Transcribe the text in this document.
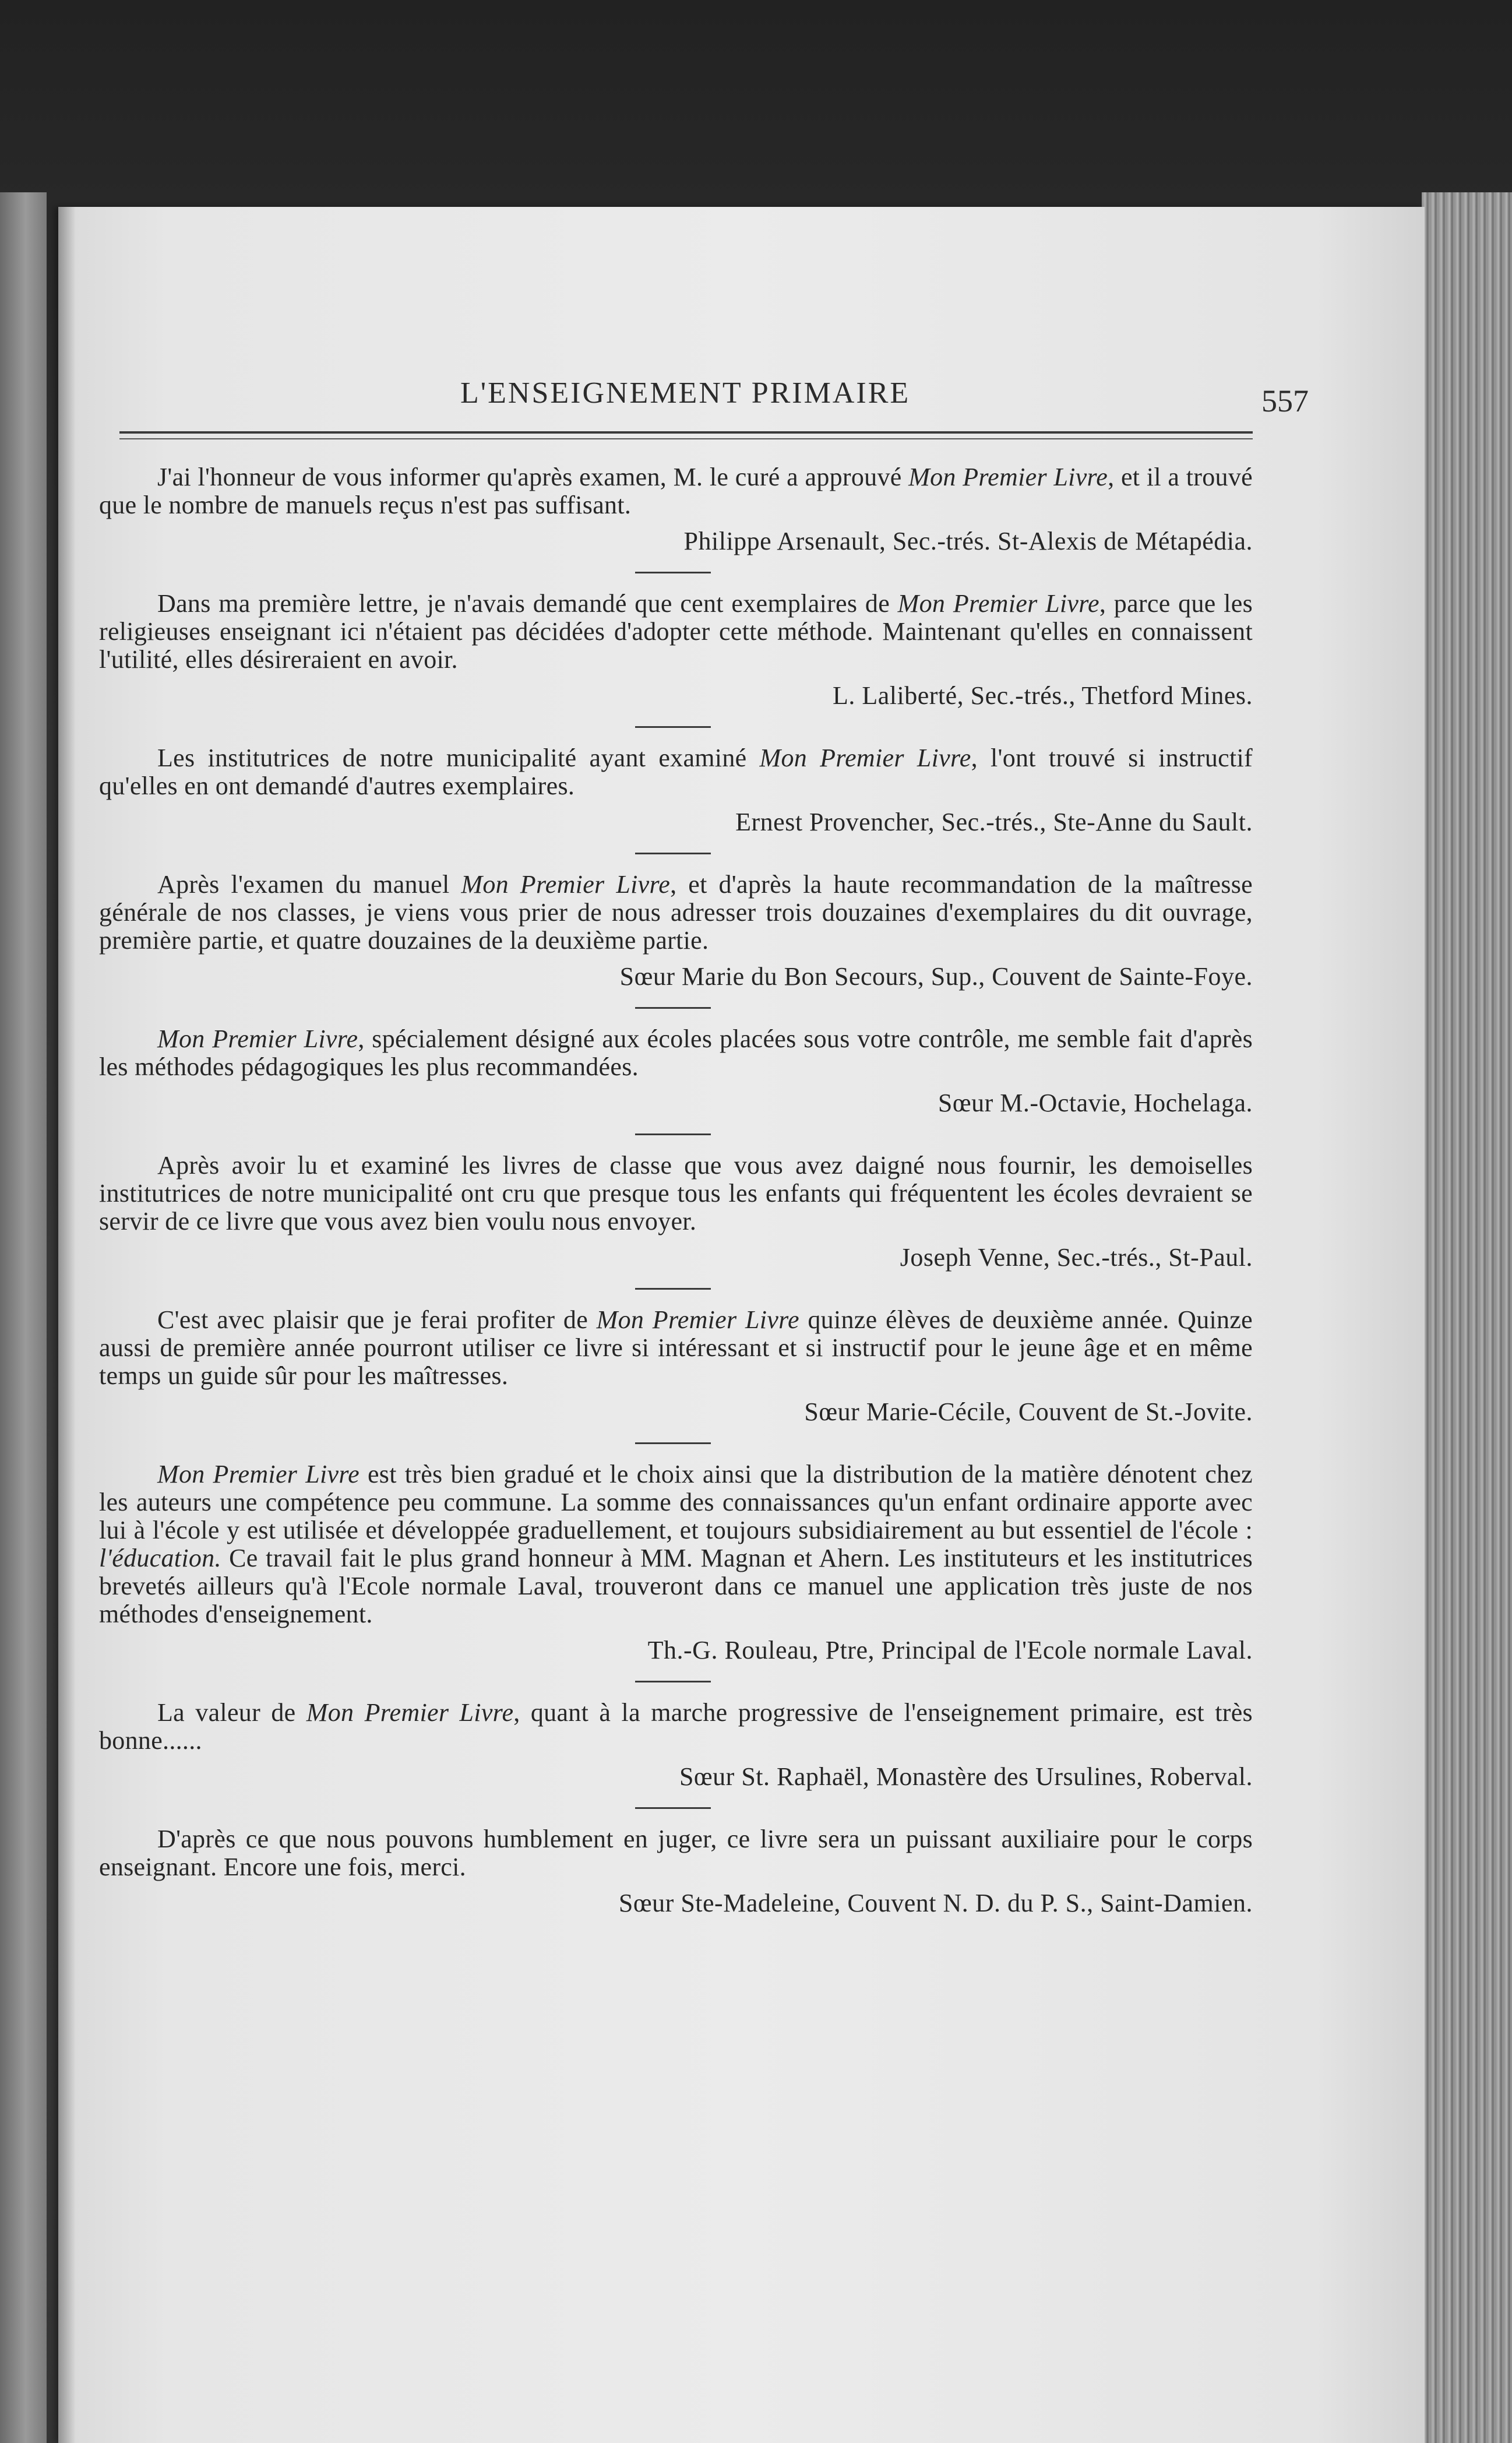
L'ENSEIGNEMENT PRIMAIRE	557

J'ai l'honneur de vous informer qu'après examen, M. le curé a approuvé Mon Premier Livre, et il a trouvé que le nombre de manuels reçus n'est pas suffisant.

Philippe Arsenault, Sec.-trés. St-Alexis de Métapédia.

Dans ma première lettre, je n'avais demandé que cent exemplaires de Mon Premier Livre, parce que les religieuses enseignant ici n'étaient pas décidées d'adopter cette méthode. Maintenant qu'elles en connaissent l'utilité, elles désireraient en avoir.

L. Laliberté, Sec.-trés., Thetford Mines.

Les institutrices de notre municipalité ayant examiné Mon Premier Livre, l'ont trouvé si instructif qu'elles en ont demandé d'autres exemplaires.

Ernest Provencher, Sec.-trés., Ste-Anne du Sault.

Après l'examen du manuel Mon Premier Livre, et d'après la haute recommandation de la maîtresse générale de nos classes, je viens vous prier de nous adresser trois douzaines d'exemplaires du dit ouvrage, première partie, et quatre douzaines de la deuxième partie.

Sœur Marie du Bon Secours, Sup., Couvent de Sainte-Foye.

Mon Premier Livre, spécialement désigné aux écoles placées sous votre contrôle, me semble fait d'après les méthodes pédagogiques les plus recommandées.

Sœur M.-Octavie, Hochelaga.

Après avoir lu et examiné les livres de classe que vous avez daigné nous fournir, les demoiselles institutrices de notre municipalité ont cru que presque tous les enfants qui fréquentent les écoles devraient se servir de ce livre que vous avez bien voulu nous envoyer.

Joseph Venne, Sec.-trés., St-Paul.

C'est avec plaisir que je ferai profiter de Mon Premier Livre quinze élèves de deuxième année. Quinze aussi de première année pourront utiliser ce livre si intéressant et si instructif pour le jeune âge et en même temps un guide sûr pour les maîtresses.

Sœur Marie-Cécile, Couvent de St.-Jovite.

Mon Premier Livre est très bien gradué et le choix ainsi que la distribution de la matière dénotent chez les auteurs une compétence peu commune. La somme des connaissances qu'un enfant ordinaire apporte avec lui à l'école y est utilisée et développée graduellement, et toujours subsidiairement au but essentiel de l'école : l'éducation. Ce travail fait le plus grand honneur à MM. Magnan et Ahern. Les instituteurs et les institutrices brevetés ailleurs qu'à l'Ecole normale Laval, trouveront dans ce manuel une application très juste de nos méthodes d'enseignement.

Th.-G. Rouleau, Ptre, Principal de l'Ecole normale Laval.

La valeur de Mon Premier Livre, quant à la marche progressive de l'enseignement primaire, est très bonne......

Sœur St. Raphaël, Monastère des Ursulines, Roberval.

D'après ce que nous pouvons humblement en juger, ce livre sera un puissant auxiliaire pour le corps enseignant. Encore une fois, merci.

Sœur Ste-Madeleine, Couvent N. D. du P. S., Saint-Damien.
